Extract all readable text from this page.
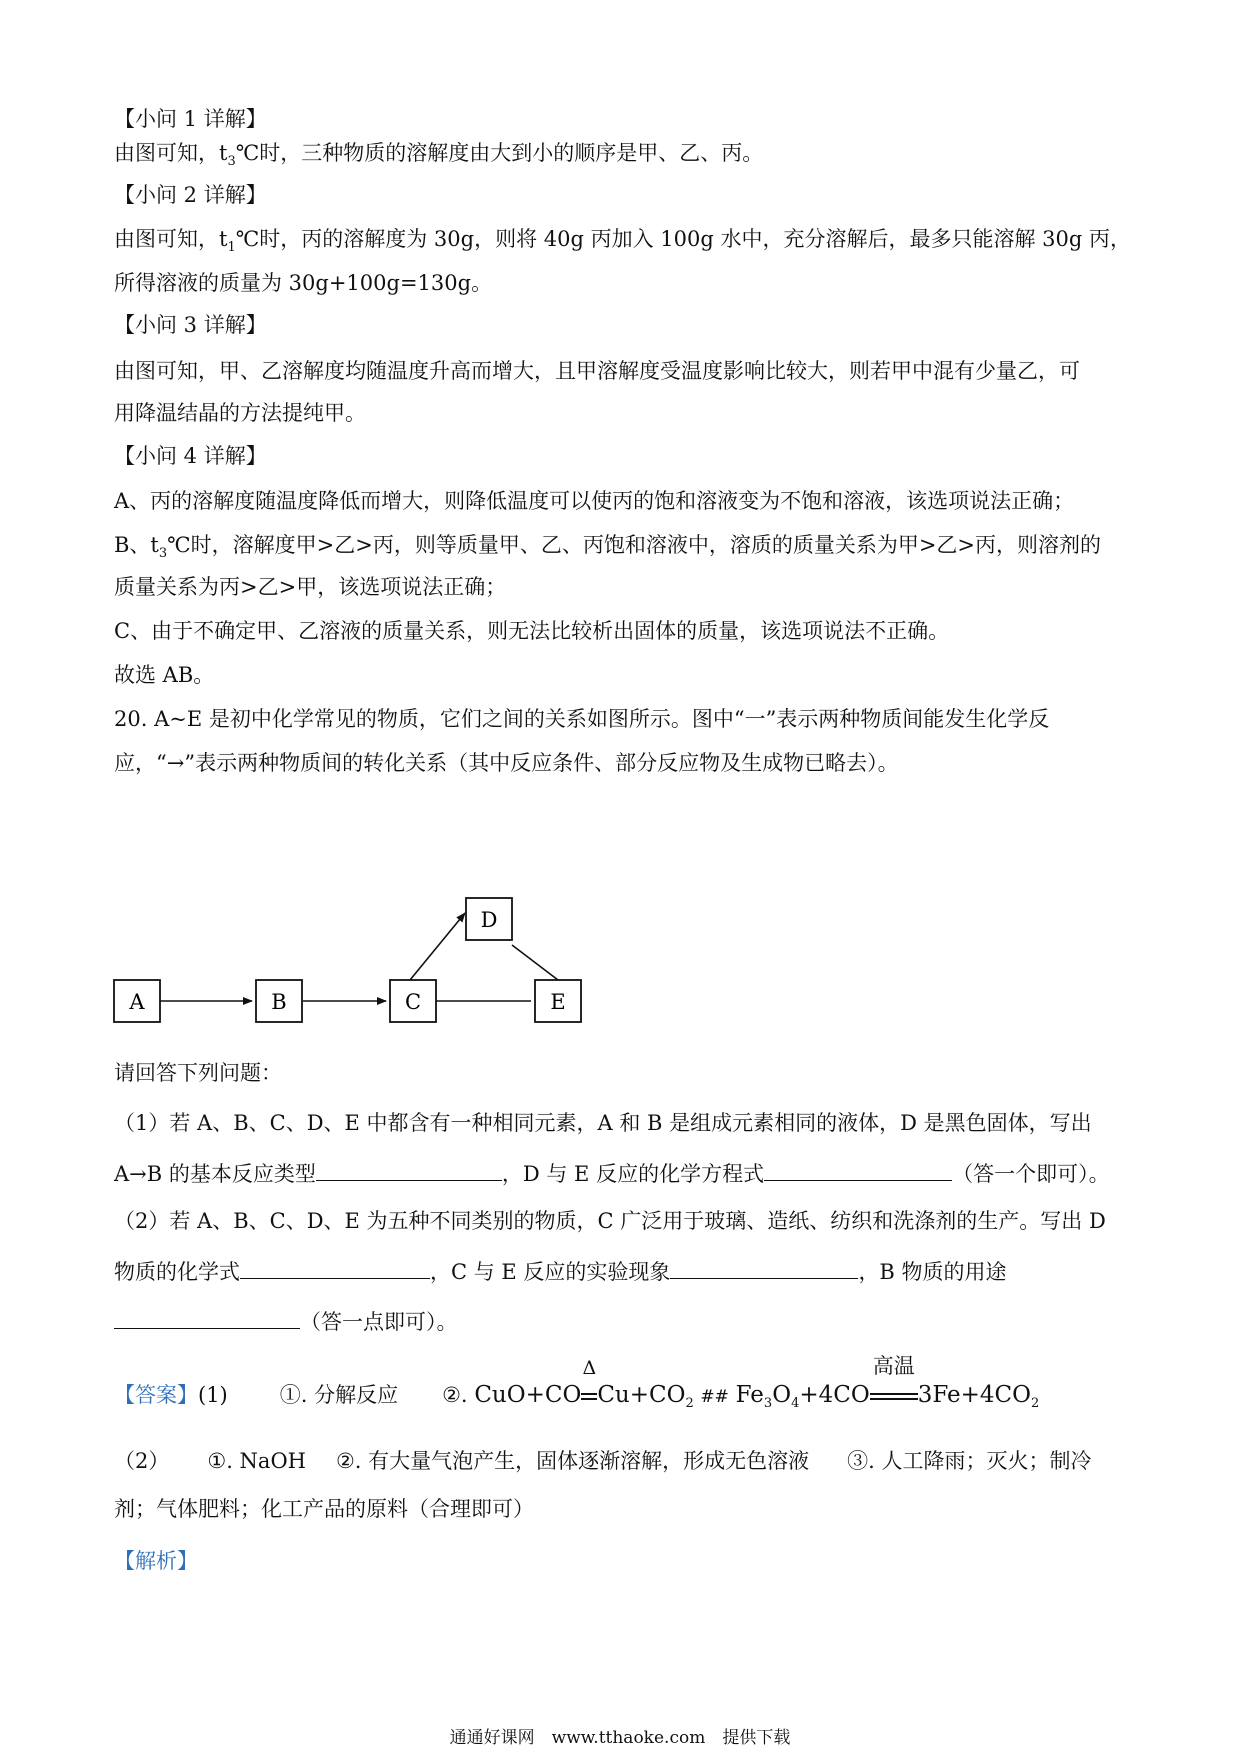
【小问 1 详解】
由图可知，$t_3℃$时，三种物质的溶解度由大到小的顺序是甲、乙、丙。
【小问 2 详解】
由图可知，$t_1℃$时，丙的溶解度为 30g，则将 40g 丙加入 100g 水中，充分溶解后，最多只能溶解 30g 丙，
所得溶液的质量为 30g+100g=130g。
【小问 3 详解】
由图可知，甲、乙溶解度均随温度升高而增大，且甲溶解度受温度影响比较大，则若甲中混有少量乙，可
用降温结晶的方法提纯甲。
【小问 4 详解】
A、丙的溶解度随温度降低而增大，则降低温度可以使丙的饱和溶液变为不饱和溶液，该选项说法正确；
B、$t_3℃$时，溶解度甲>乙>丙，则等质量甲、乙、丙饱和溶液中，溶质的质量关系为甲>乙>丙，则溶剂的
质量关系为丙>乙>甲，该选项说法正确；
C、由于不确定甲、乙溶液的质量关系，则无法比较析出固体的质量，该选项说法不正确。
故选 AB。
20. A~E 是初中化学常见的物质，它们之间的关系如图所示。图中“一”表示两种物质间能发生化学反
应，“→”表示两种物质间的转化关系（其中反应条件、部分反应物及生成物已略去）。
A	B	C
D
E
请回答下列问题：
（1）若 A、B、C、D、E 中都含有一种相同元素，A 和 B 是组成元素相同的液体，D 是黑色固体，写出
A→B 的基本反应类型	，D 与 E 反应的化学方程式	（答一个即可）。
（2）若 A、B、C、D、E 为五种不同类别的物质，C 广泛用于玻璃、造纸、纺织和洗涤剂的生产。写出 D
物质的化学式	，C 与 E 反应的实验现象	，B 物质的用途
（答一点即可）。
【答案】(1) ①. 分解反应 ②. CuO+CO
Δ
$Cu+CO_2$ ## $Fe_3O_4+4CO$
高温
$3Fe+4CO_2$
（2） ①. NaOH ②. 有大量气泡产生，固体逐渐溶解，形成无色溶液 ③. 人工降雨；灭火；制冷
剂；气体肥料；化工产品的原料（合理即可）
【解析】
通通好课网　www.tthaoke.com　提供下载
